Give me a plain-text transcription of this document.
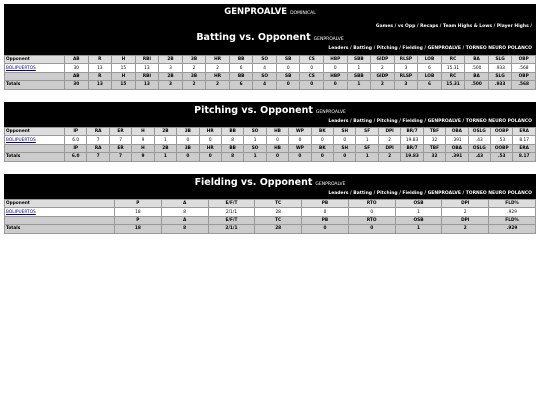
GENPROALVE DOMINICAL
Games / vs Opp / Recaps / Team Highs & Lows / Player Highs /
Batting vs. Opponent GENPROALVE
Leaders / Batting / Pitching / Fielding / GENPROALVE / TORNEO NEURO POLANCO
Opponent	AB	R	H	RBI	2B	3B	HR	BB	SO	SB	CS	HBP	SBB	GIDP	RLSP	LOB	RC	BA	SLG	OBP
BOLIPUERTOS	30	13	15	13	3	2	2	6	4	0	0	0	1	2	3	6	15.31	.500	.933	.568
	AB	R	H	RBI	2B	3B	HR	BB	SO	SB	CS	HBP	SBB	GIDP	RLSP	LOB	RC	BA	SLG	OBP
Totals	30	13	15	13	3	2	2	6	4	0	0	0	1	2	3	6	15.31	.500	.933	.568
Pitching vs. Opponent GENPROALVE
Leaders / Batting / Pitching / Fielding / GENPROALVE / TORNEO NEURO POLANCO
Opponent	IP	RA	ER	H	2B	3B	HR	BB	SO	HB	WP	BK	SH	SF	DPI	BR/7	TBF	OBA	OSLG	OOBP	ERA
BOLIPUERTOS	6.0	7	7	9	1	0	0	8	1	0	0	0	0	1	2	19.83	32	.391	.43	.53	8.17
	IP	RA	ER	H	2B	3B	HR	BB	SO	HB	WP	BK	SH	SF	DPI	BR/7	TBF	OBA	OSLG	OOBP	ERA
Totals	6.0	7	7	9	1	0	0	8	1	0	0	0	0	1	2	19.83	32	.391	.43	.53	8.17
Fielding vs. Opponent GENPROALVE
Leaders / Batting / Pitching / Fielding / GENPROALVE / TORNEO NEURO POLANCO
Opponent	P	A	E/F/T	TC	PB	RTO	OSB	DPI	FLD%
BOLIPUERTOS	18	8	2/1/1	28	0	0	1	2	.929
	P	A	E/F/T	TC	PB	RTO	OSB	DPI	FLD%
Totals	18	8	2/1/1	28	0	0	1	2	.929
